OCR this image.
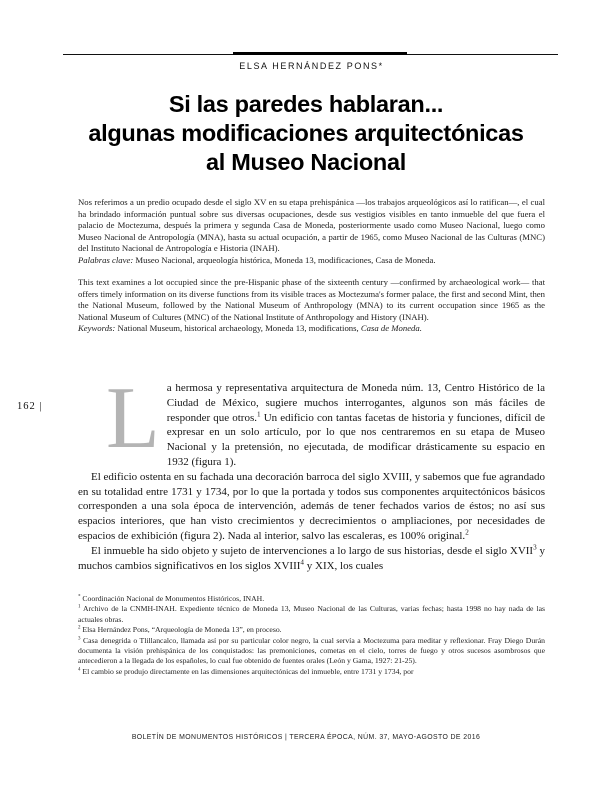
ELSA HERNÁNDEZ PONS*
Si las paredes hablaran...
algunas modificaciones arquitectónicas
al Museo Nacional

Nos referimos a un predio ocupado desde el siglo XV en su etapa prehispánica —los trabajos arqueológicos así lo ratifican—, el cual ha brindado información puntual sobre sus diversas ocupaciones, desde sus vestigios visibles en tanto inmueble del que fuera el palacio de Moctezuma, después la primera y segunda Casa de Moneda, posteriormente usado como Museo Nacional, luego como Museo Nacional de Antropología (MNA), hasta su actual ocupación, a partir de 1965, como Museo Nacional de las Culturas (MNC) del Instituto Nacional de Antropología e Historia (INAH).

Palabras clave: Museo Nacional, arqueología histórica, Moneda 13, modificaciones, Casa de Moneda.

This text examines a lot occupied since the pre-Hispanic phase of the sixteenth century —confirmed by archaeological work— that offers timely information on its diverse functions from its visible traces as Moctezuma's former palace, the first and second Mint, then the National Museum, followed by the National Museum of Anthropology (MNA) to its current occupation since 1965 as the National Museum of Cultures (MNC) of the National Institute of Anthropology and History (INAH).

Keywords: National Museum, historical archaeology, Moneda 13, modifications, Casa de Moneda.

162 | La hermosa y representativa arquitectura de Moneda núm. 13, Centro Histórico de la Ciudad de México, sugiere muchos interrogantes, algunos son más fáciles de responder que otros.$^1$ Un edificio con tantas facetas de historia y funciones, difícil de expresar en un solo artículo, por lo que nos centraremos en su etapa de Museo Nacional y la pretensión, no ejecutada, de modificar drásticamente su espacio en 1932 (figura 1).

El edificio ostenta en su fachada una decoración barroca del siglo XVIII, y sabemos que fue agrandado en su totalidad entre 1731 y 1734, por lo que la portada y todos sus componentes arquitectónicos básicos corresponden a una sola época de intervención, además de tener fechados varios de éstos; no así sus espacios interiores, que han visto crecimientos y decrecimientos o ampliaciones, por necesidades de espacios de exhibición (figura 2). Nada al interior, salvo las escaleras, es 100% original.$^2$

El inmueble ha sido objeto y sujeto de intervenciones a lo largo de sus historias, desde el siglo XVII$^3$ y muchos cambios significativos en los siglos XVIII$^4$ y XIX, los cuales

* Coordinación Nacional de Monumentos Históricos, INAH.

$^1$ Archivo de la CNMH-INAH. Expediente técnico de Moneda 13, Museo Nacional de las Culturas, varias fechas; hasta 1998 no hay nada de las actuales obras.

$^2$ Elsa Hernández Pons, “Arqueología de Moneda 13”, en proceso.

$^3$ Casa denegrida o Tlillancalco, llamada así por su particular color negro, la cual servía a Moctezuma para meditar y reflexionar. Fray Diego Durán documenta la visión prehispánica de los conquistados: las premoniciones, cometas en el cielo, torres de fuego y otros sucesos asombrosos que antecedieron a la llegada de los españoles, lo cual fue obtenido de fuentes orales (León y Gama, 1927: 21-25).

$^4$ El cambio se produjo directamente en las dimensiones arquitectónicas del inmueble, entre 1731 y 1734, por

BOLETÍN DE MONUMENTOS HISTÓRICOS | TERCERA ÉPOCA, NÚM. 37, MAYO-AGOSTO DE 2016
